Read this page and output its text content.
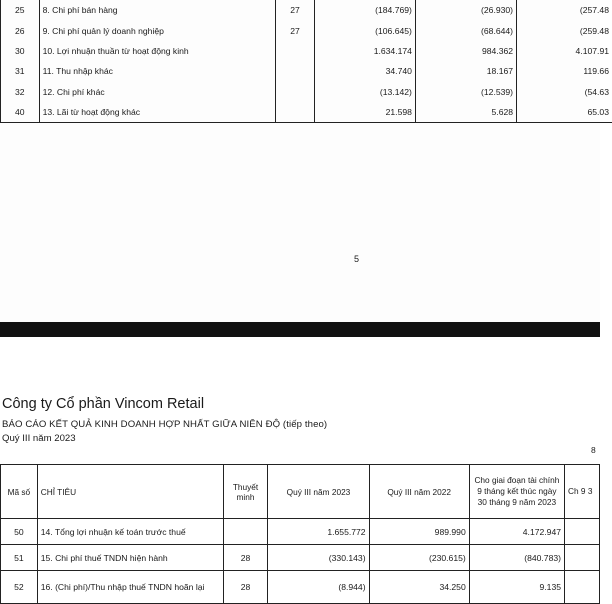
25	8. Chi phí bán hàng	27	(184.769)	(26.930)	(257.48
26	9. Chi phí quản lý doanh nghiệp	27	(106.645)	(68.644)	(259.48
30	10. Lợi nhuận thuần từ hoạt động kinh		1.634.174	984.362	4.107.91
31	11. Thu nhập khác		34.740	18.167	119.66
32	12. Chi phí khác		(13.142)	(12.539)	(54.63
40	13. Lãi từ hoạt động khác		21.598	5.628	65.03
5
Công ty Cổ phần Vincom Retail
BÁO CÁO KẾT QUẢ KINH DOANH HỢP NHẤT GIỮA NIÊN ĐỘ (tiếp theo)
Quý III năm 2023
8
Mã số	CHỈ TIÊU	Thuyết minh	Quý III năm 2023	Quý III năm 2022	Cho giai đoạn tài chính 9 tháng kết thúc ngày 30 tháng 9 năm 2023	Ch 9 3
50	14. Tổng lợi nhuận kế toán trước thuế		1.655.772	989.990	4.172.947	
51	15. Chi phí thuế TNDN hiện hành	28	(330.143)	(230.615)	(840.783)	
52	16. (Chi phí)/Thu nhập thuế TNDN hoãn lại	28	(8.944)	34.250	9.135	
